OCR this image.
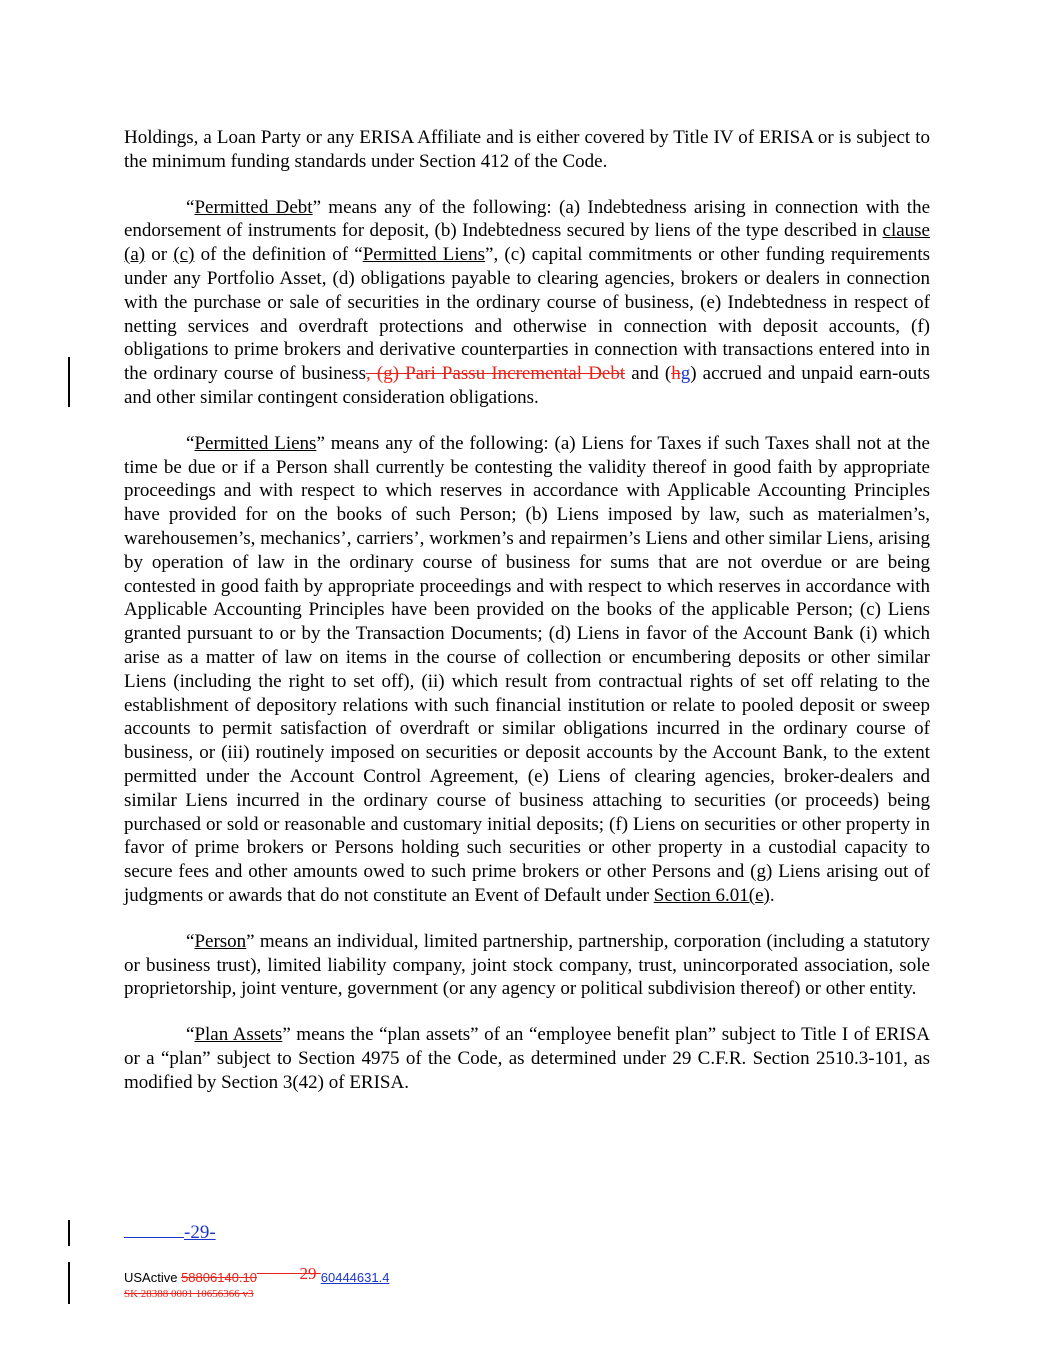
Holdings, a Loan Party or any ERISA Affiliate and is either covered by Title IV of ERISA or is subject to the minimum funding standards under Section 412 of the Code.

“Permitted Debt” means any of the following: (a) Indebtedness arising in connection with the endorsement of instruments for deposit, (b) Indebtedness secured by liens of the type described in clause (a) or (c) of the definition of “Permitted Liens”, (c) capital commitments or other funding requirements under any Portfolio Asset, (d) obligations payable to clearing agencies, brokers or dealers in connection with the purchase or sale of securities in the ordinary course of business, (e) Indebtedness in respect of netting services and overdraft protections and otherwise in connection with deposit accounts, (f) obligations to prime brokers and derivative counterparties in connection with transactions entered into in the ordinary course of business, (g) Pari Passu Incremental Debt and (hg) accrued and unpaid earn-outs and other similar contingent consideration obligations.

“Permitted Liens” means any of the following: (a) Liens for Taxes if such Taxes shall not at the time be due or if a Person shall currently be contesting the validity thereof in good faith by appropriate proceedings and with respect to which reserves in accordance with Applicable Accounting Principles have provided for on the books of such Person; (b) Liens imposed by law, such as materialmen’s, warehousemen’s, mechanics’, carriers’, workmen’s and repairmen’s Liens and other similar Liens, arising by operation of law in the ordinary course of business for sums that are not overdue or are being contested in good faith by appropriate proceedings and with respect to which reserves in accordance with Applicable Accounting Principles have been provided on the books of the applicable Person; (c) Liens granted pursuant to or by the Transaction Documents; (d) Liens in favor of the Account Bank (i) which arise as a matter of law on items in the course of collection or encumbering deposits or other similar Liens (including the right to set off), (ii) which result from contractual rights of set off relating to the establishment of depository relations with such financial institution or relate to pooled deposit or sweep accounts to permit satisfaction of overdraft or similar obligations incurred in the ordinary course of business, or (iii) routinely imposed on securities or deposit accounts by the Account Bank, to the extent permitted under the Account Control Agreement, (e) Liens of clearing agencies, broker-dealers and similar Liens incurred in the ordinary course of business attaching to securities (or proceeds) being purchased or sold or reasonable and customary initial deposits; (f) Liens on securities or other property in favor of prime brokers or Persons holding such securities or other property in a custodial capacity to secure fees and other amounts owed to such prime brokers or other Persons and (g) Liens arising out of judgments or awards that do not constitute an Event of Default under Section 6.01(e).

“Person” means an individual, limited partnership, partnership, corporation (including a statutory or business trust), limited liability company, joint stock company, trust, unincorporated association, sole proprietorship, joint venture, government (or any agency or political subdivision thereof) or other entity.

“Plan Assets” means the “plan assets” of an “employee benefit plan” subject to Title I of ERISA or a “plan” subject to Section 4975 of the Code, as determined under 29 C.F.R. Section 2510.3-101, as modified by Section 3(42) of ERISA.

-29-
USActive 58806140.10          29 60444631.4
SK 28388 0001 10656366 v3
